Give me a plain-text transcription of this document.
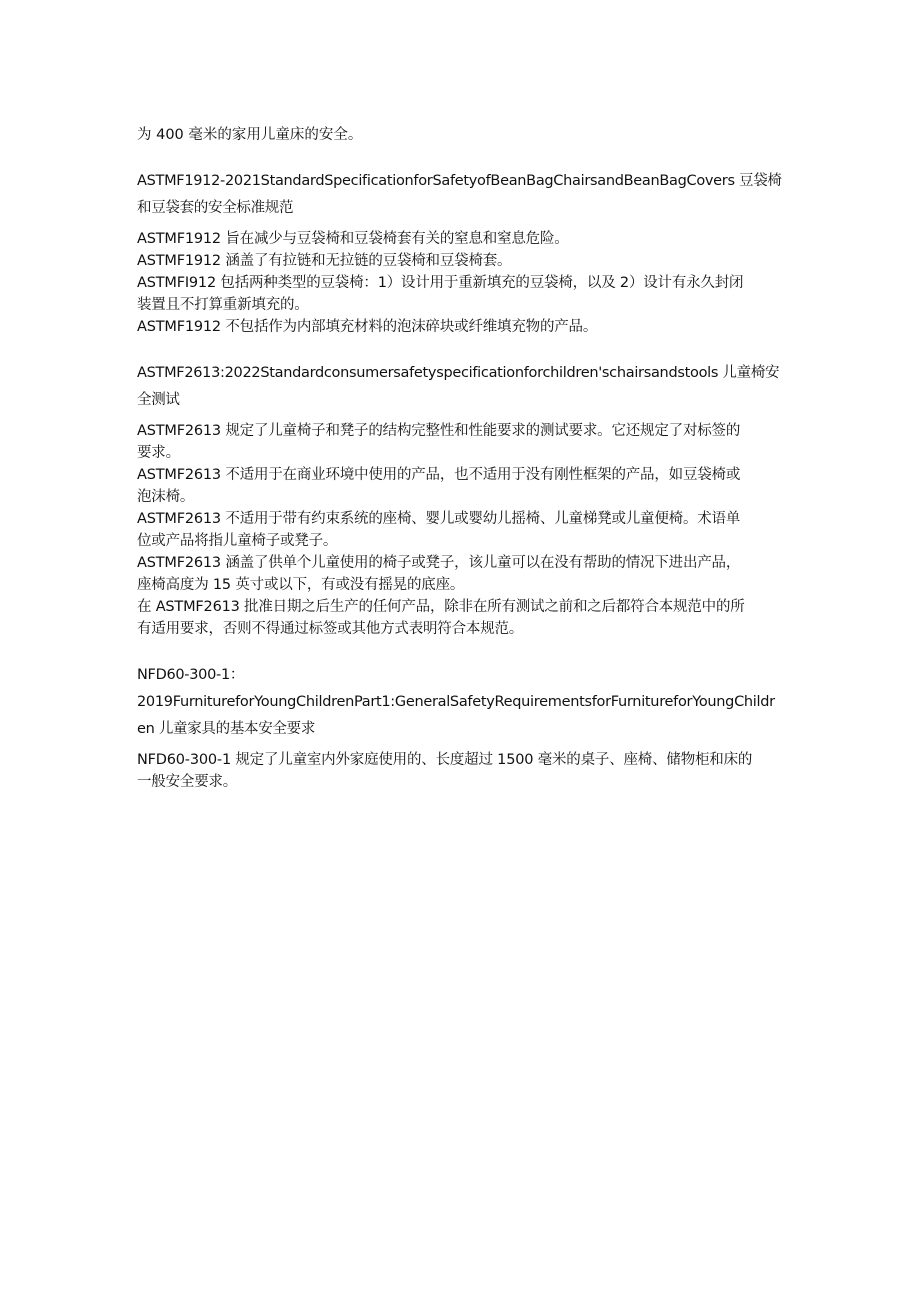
为 400 毫米的家用儿童床的安全。
ASTMF1912-2021StandardSpecificationforSafetyofBeanBagChairsandBeanBagCovers 豆袋椅
和豆袋套的安全标准规范
ASTMF1912 旨在减少与豆袋椅和豆袋椅套有关的窒息和窒息危险。
ASTMF1912 涵盖了有拉链和无拉链的豆袋椅和豆袋椅套。
ASTMFI912 包括两种类型的豆袋椅：1）设计用于重新填充的豆袋椅，以及 2）设计有永久封闭
装置且不打算重新填充的。
ASTMF1912 不包括作为内部填充材料的泡沫碎块或纤维填充物的产品。
ASTMF2613:2022Standardconsumersafetyspecificationforchildren'schairsandstools 儿童椅安
全测试
ASTMF2613 规定了儿童椅子和凳子的结构完整性和性能要求的测试要求。它还规定了对标签的
要求。
ASTMF2613 不适用于在商业环境中使用的产品，也不适用于没有刚性框架的产品，如豆袋椅或
泡沫椅。
ASTMF2613 不适用于带有约束系统的座椅、婴儿或婴幼儿摇椅、儿童梯凳或儿童便椅。术语单
位或产品将指儿童椅子或凳子。
ASTMF2613 涵盖了供单个儿童使用的椅子或凳子，该儿童可以在没有帮助的情况下进出产品，
座椅高度为 15 英寸或以下，有或没有摇晃的底座。
在 ASTMF2613 批准日期之后生产的任何产品，除非在所有测试之前和之后都符合本规范中的所
有适用要求，否则不得通过标签或其他方式表明符合本规范。
NFD60-300-1：
2019FurnitureforYoungChildrenPart1:GeneralSafetyRequirementsforFurnitureforYoungChildr
en 儿童家具的基本安全要求
NFD60-300-1 规定了儿童室内外家庭使用的、长度超过 1500 毫米的桌子、座椅、储物柜和床的
一般安全要求。
